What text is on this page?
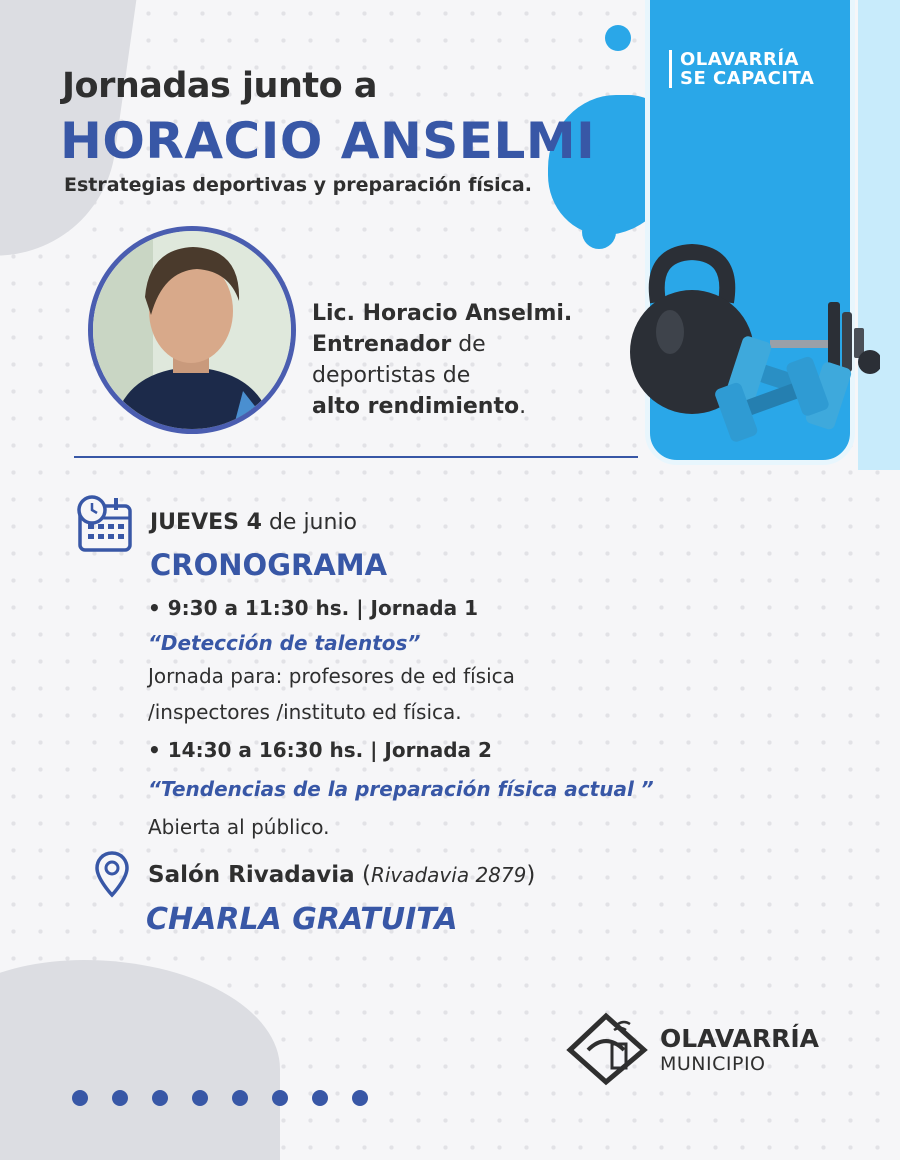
OLAVARRÍA
SE CAPACITA
Jornadas junto a
HORACIO ANSELMI
Estrategias deportivas y preparación física.
Lic. Horacio Anselmi.
Entrenador de
deportistas de
alto rendimiento.
JUEVES 4 de junio
CRONOGRAMA
• 9:30 a 11:30 hs. | Jornada 1
“Detección de talentos”
Jornada para: profesores de ed física
/inspectores /instituto ed física.
• 14:30 a 16:30 hs. | Jornada 2
“Tendencias de la preparación física actual ”
Abierta al público.
Salón Rivadavia (Rivadavia 2879)
CHARLA GRATUITA
OLAVARRÍA
MUNICIPIO
